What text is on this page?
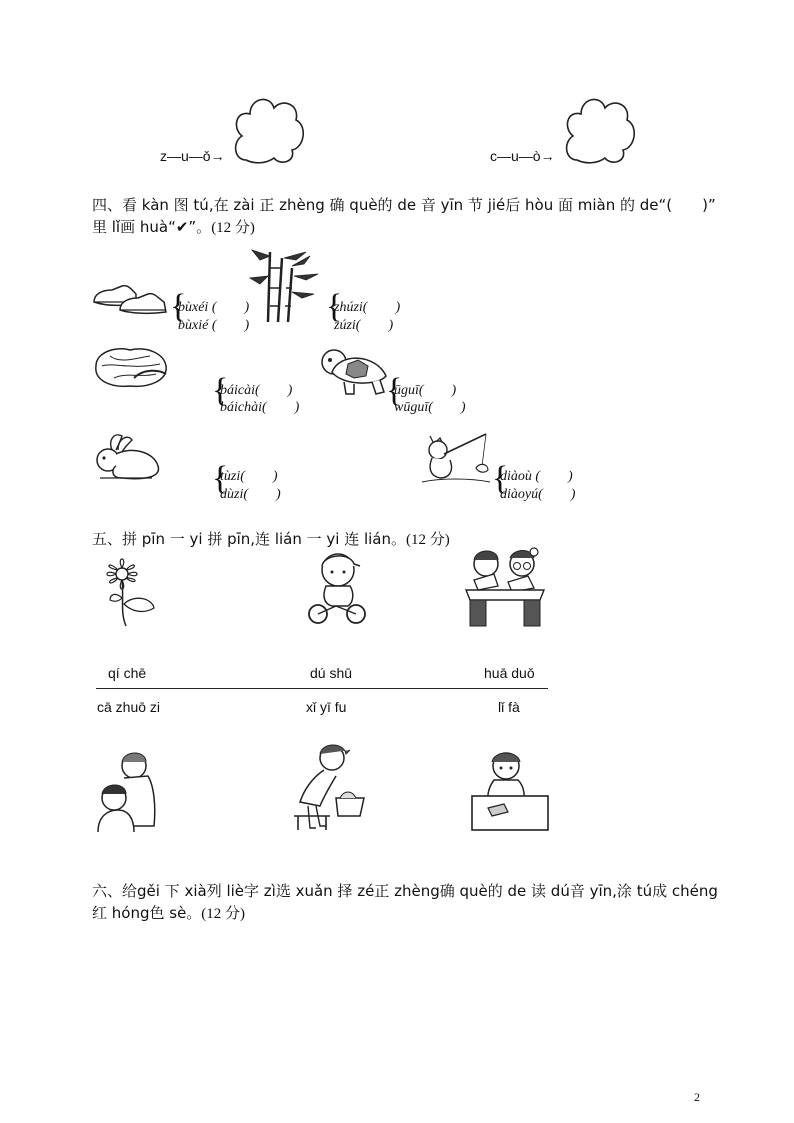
z—u—ǒ→	c—u—ò→
四、看 kàn 图 tú,在 zài 正 zhèng 确 què的 de 音 yīn 节 jié后 hòu 面 miàn 的 de“(　　)”
里 lǐ画 huà“✔”。(12 分)
{
bùxéi (　　)
bùxié (　　)
{
zhúzi(　　)
zúzi(　　)
{
báicài(　　)
báichài(　　)	{
ūguī(　　)
wūguī(　　)
{
tùzi(　　)
dùzi(　　)	{
diàoù (　　)
diàoyú(　　)
五、拼 pīn 一 yi 拼 pīn,连 lián 一 yi 连 lián。(12 分)
qí chē	dú shū	huā duǒ
cā zhuō zi	xǐ yī fu	lǐ fà
六、给gěi 下 xià列 liè字 zì选 xuǎn 择 zé正 zhèng确 què的 de 读 dú音 yīn,涂 tú成 chéng
红 hóng色 sè。(12 分)
2
